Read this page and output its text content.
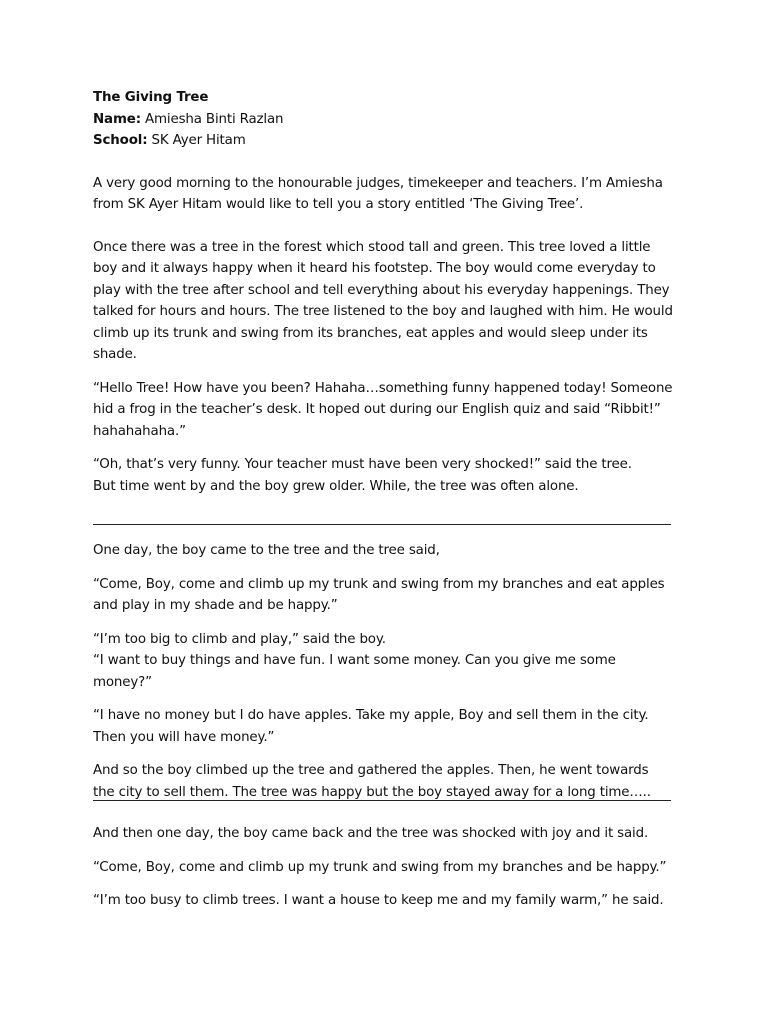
The Giving Tree

Name: Amiesha Binti Razlan

School: SK Ayer Hitam

A very good morning to the honourable judges, timekeeper and teachers. I’m Amiesha from SK Ayer Hitam would like to tell you a story entitled ‘The Giving Tree’.

Once there was a tree in the forest which stood tall and green. This tree loved a little boy and it always happy when it heard his footstep. The boy would come everyday to play with the tree after school and tell everything about his everyday happenings. They talked for hours and hours. The tree listened to the boy and laughed with him. He would climb up its trunk and swing from its branches, eat apples and would sleep under its shade.

“Hello Tree! How have you been? Hahaha…something funny happened today! Someone hid a frog in the teacher’s desk. It hoped out during our English quiz and said “Ribbit!” hahahahaha.”

“Oh, that’s very funny. Your teacher must have been very shocked!” said the tree.

But time went by and the boy grew older. While, the tree was often alone.

One day, the boy came to the tree and the tree said,

“Come, Boy, come and climb up my trunk and swing from my branches and eat apples and play in my shade and be happy.”

“I’m too big to climb and play,” said the boy.

“I want to buy things and have fun. I want some money. Can you give me some money?”

“I have no money but I do have apples. Take my apple, Boy and sell them in the city. Then you will have money.”

And so the boy climbed up the tree and gathered the apples. Then, he went towards the city to sell them. The tree was happy but the boy stayed away for a long time…..

And then one day, the boy came back and the tree was shocked with joy and it said.

“Come, Boy, come and climb up my trunk and swing from my branches and be happy.”

“I’m too busy to climb trees. I want a house to keep me and my family warm,” he said.
